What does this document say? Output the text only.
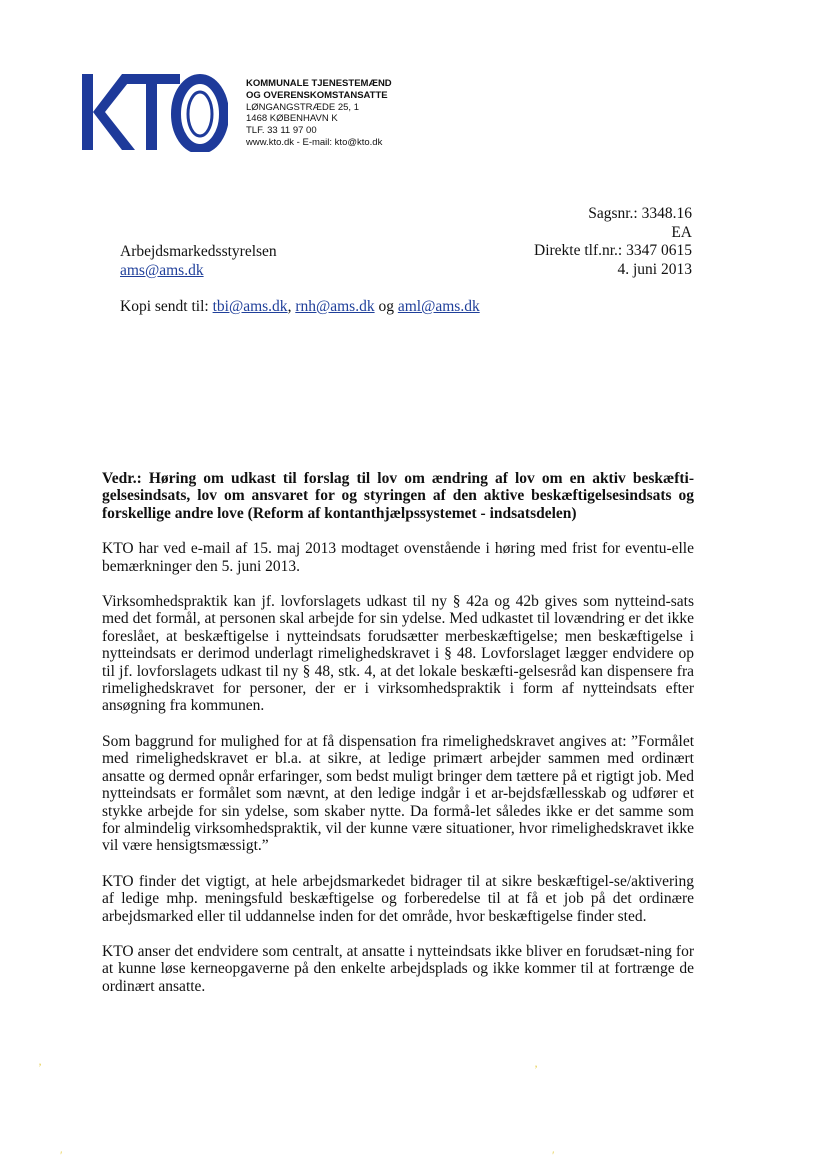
KOMMUNALE TJENESTEMÆND
OG OVERENSKOMSTANSATTE
LØNGANGSTRÆDE 25, 1
1468 KØBENHAVN K
TLF. 33 11 97 00
www.kto.dk - E-mail: kto@kto.dk
Sagsnr.: 3348.16
EA
Direkte tlf.nr.: 3347 0615
4. juni 2013
Arbejdsmarkedsstyrelsen
ams@ams.dk
Kopi sendt til: tbi@ams.dk, rnh@ams.dk og aml@ams.dk

Vedr.: Høring om udkast til forslag til lov om ændring af lov om en aktiv beskæfti-gelsesindsats, lov om ansvaret for og styringen af den aktive beskæftigelsesindsats og forskellige andre love (Reform af kontanthjælpssystemet - indsatsdelen)

KTO har ved e-mail af 15. maj 2013 modtaget ovenstående i høring med frist for eventu-elle bemærkninger den 5. juni 2013.

Virksomhedspraktik kan jf. lovforslagets udkast til ny § 42a og 42b gives som nytteind-sats med det formål, at personen skal arbejde for sin ydelse. Med udkastet til lovændring er det ikke foreslået, at beskæftigelse i nytteindsats forudsætter merbeskæftigelse; men beskæftigelse i nytteindsats er derimod underlagt rimelighedskravet i § 48. Lovforslaget lægger endvidere op til jf. lovforslagets udkast til ny § 48, stk. 4, at det lokale beskæfti-gelsesråd kan dispensere fra rimelighedskravet for personer, der er i virksomhedspraktik i form af nytteindsats efter ansøgning fra kommunen.

Som baggrund for mulighed for at få dispensation fra rimelighedskravet angives at: ”Formålet med rimelighedskravet er bl.a. at sikre, at ledige primært arbejder sammen med ordinært ansatte og dermed opnår erfaringer, som bedst muligt bringer dem tættere på et rigtigt job. Med nytteindsats er formålet som nævnt, at den ledige indgår i et ar-bejdsfællesskab og udfører et stykke arbejde for sin ydelse, som skaber nytte. Da formå-let således ikke er det samme som for almindelig virksomhedspraktik, vil der kunne være situationer, hvor rimelighedskravet ikke vil være hensigtsmæssigt.”

KTO finder det vigtigt, at hele arbejdsmarkedet bidrager til at sikre beskæftigel-se/aktivering af ledige mhp. meningsfuld beskæftigelse og forberedelse til at få et job på det ordinære arbejdsmarked eller til uddannelse inden for det område, hvor beskæftigelse finder sted.

KTO anser det endvidere som centralt, at ansatte i nytteindsats ikke bliver en forudsæt-ning for at kunne løse kerneopgaverne på den enkelte arbejdsplads og ikke kommer til at fortrænge de ordinært ansatte.

’	’
′	′
